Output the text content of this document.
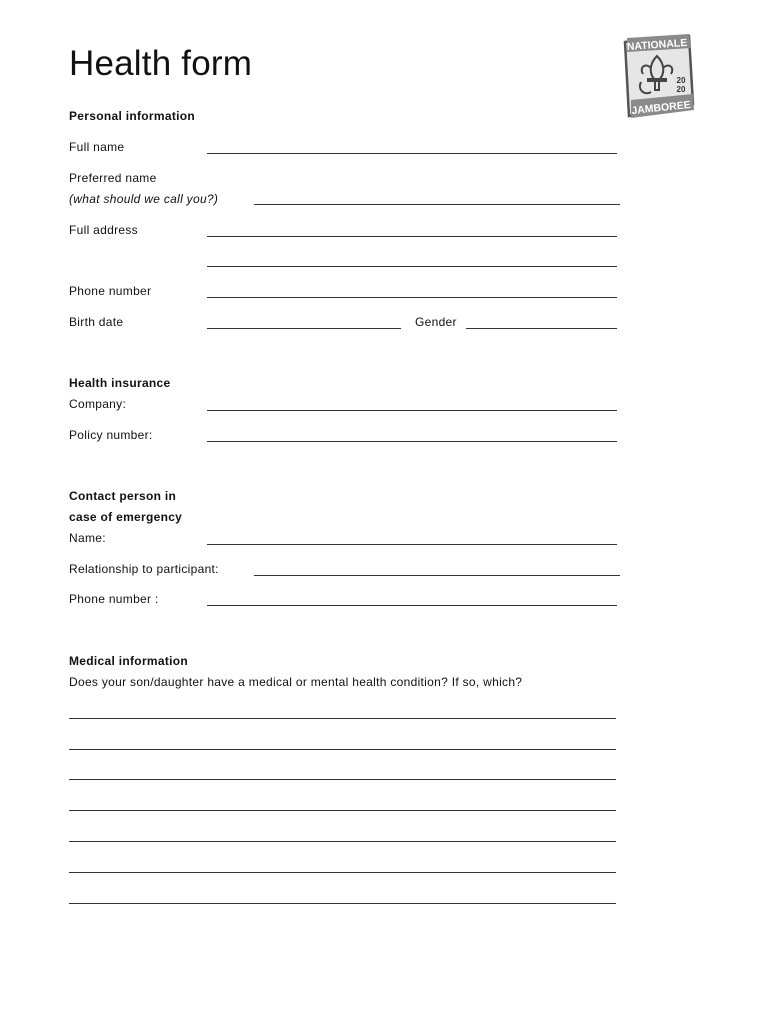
Health form	NATIONALE
JAMBOREE
20
20
Personal information
Full name
Preferred name
(what should we call you?)
Full address
Phone number
Birth date	Gender
Health insurance
Company:
Policy number:
Contact person in
case of emergency
Name:
Relationship to participant:
Phone number :
Medical information
Does your son/daughter have a medical or mental health condition? If so, which?
